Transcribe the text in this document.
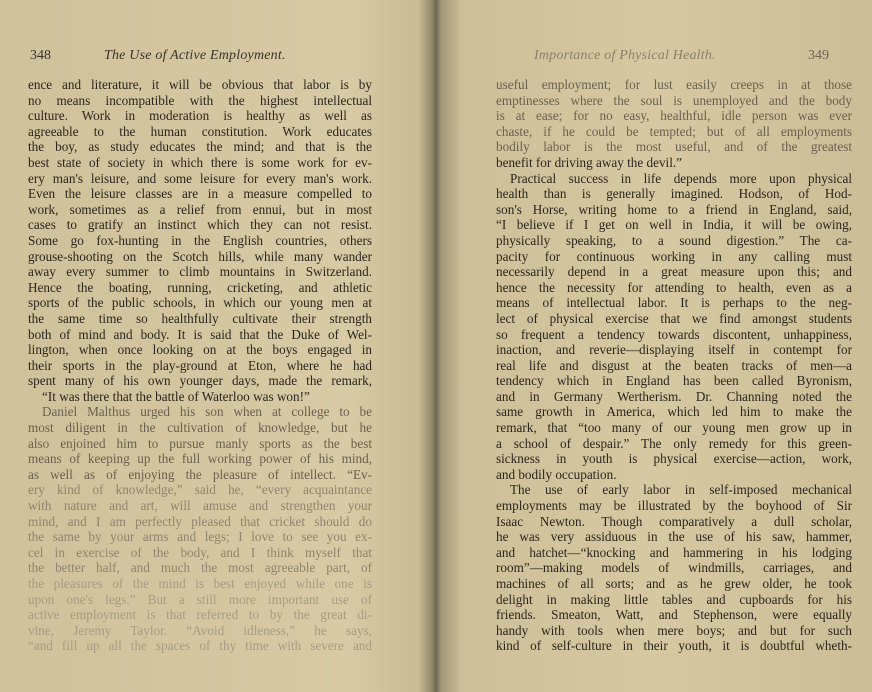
348	The Use of Active Employment.
ence and literature, it will be obvious that labor is by
no means incompatible with the highest intellectual
culture. Work in moderation is healthy as well as
agreeable to the human constitution. Work educates
the boy, as study educates the mind; and that is the
best state of society in which there is some work for ev-
ery man's leisure, and some leisure for every man's work.
Even the leisure classes are in a measure compelled to
work, sometimes as a relief from ennui, but in most
cases to gratify an instinct which they can not resist.
Some go fox-hunting in the English countries, others
grouse-shooting on the Scotch hills, while many wander
away every summer to climb mountains in Switzerland.
Hence the boating, running, cricketing, and athletic
sports of the public schools, in which our young men at
the same time so healthfully cultivate their strength
both of mind and body. It is said that the Duke of Wel-
lington, when once looking on at the boys engaged in
their sports in the play-ground at Eton, where he had
spent many of his own younger days, made the remark,
“It was there that the battle of Waterloo was won!”
Daniel Malthus urged his son when at college to be
most diligent in the cultivation of knowledge, but he
also enjoined him to pursue manly sports as the best
means of keeping up the full working power of his mind,
as well as of enjoying the pleasure of intellect. “Ev-
ery kind of knowledge,” said he, “every acquaintance
with nature and art, will amuse and strengthen your
mind, and I am perfectly pleased that cricket should do
the same by your arms and legs; I love to see you ex-
cel in exercise of the body, and I think myself that
the better half, and much the most agreeable part, of
the pleasures of the mind is best enjoyed while one is
upon one's legs.” But a still more important use of
active employment is that referred to by the great di-
vine, Jeremy Taylor. “Avoid idleness,” he says,
“and fill up all the spaces of thy time with severe and
Importance of Physical Health.	349
useful employment; for lust easily creeps in at those
emptinesses where the soul is unemployed and the body
is at ease; for no easy, healthful, idle person was ever
chaste, if he could be tempted; but of all employments
bodily labor is the most useful, and of the greatest
benefit for driving away the devil.”
Practical success in life depends more upon physical
health than is generally imagined. Hodson, of Hod-
son's Horse, writing home to a friend in England, said,
“I believe if I get on well in India, it will be owing,
physically speaking, to a sound digestion.” The ca-
pacity for continuous working in any calling must
necessarily depend in a great measure upon this; and
hence the necessity for attending to health, even as a
means of intellectual labor. It is perhaps to the neg-
lect of physical exercise that we find amongst students
so frequent a tendency towards discontent, unhappiness,
inaction, and reverie—displaying itself in contempt for
real life and disgust at the beaten tracks of men—a
tendency which in England has been called Byronism,
and in Germany Wertherism. Dr. Channing noted the
same growth in America, which led him to make the
remark, that “too many of our young men grow up in
a school of despair.” The only remedy for this green-
sickness in youth is physical exercise—action, work,
and bodily occupation.
The use of early labor in self-imposed mechanical
employments may be illustrated by the boyhood of Sir
Isaac Newton. Though comparatively a dull scholar,
he was very assiduous in the use of his saw, hammer,
and hatchet—“knocking and hammering in his lodging
room”—making models of windmills, carriages, and
machines of all sorts; and as he grew older, he took
delight in making little tables and cupboards for his
friends. Smeaton, Watt, and Stephenson, were equally
handy with tools when mere boys; and but for such
kind of self-culture in their youth, it is doubtful wheth-
